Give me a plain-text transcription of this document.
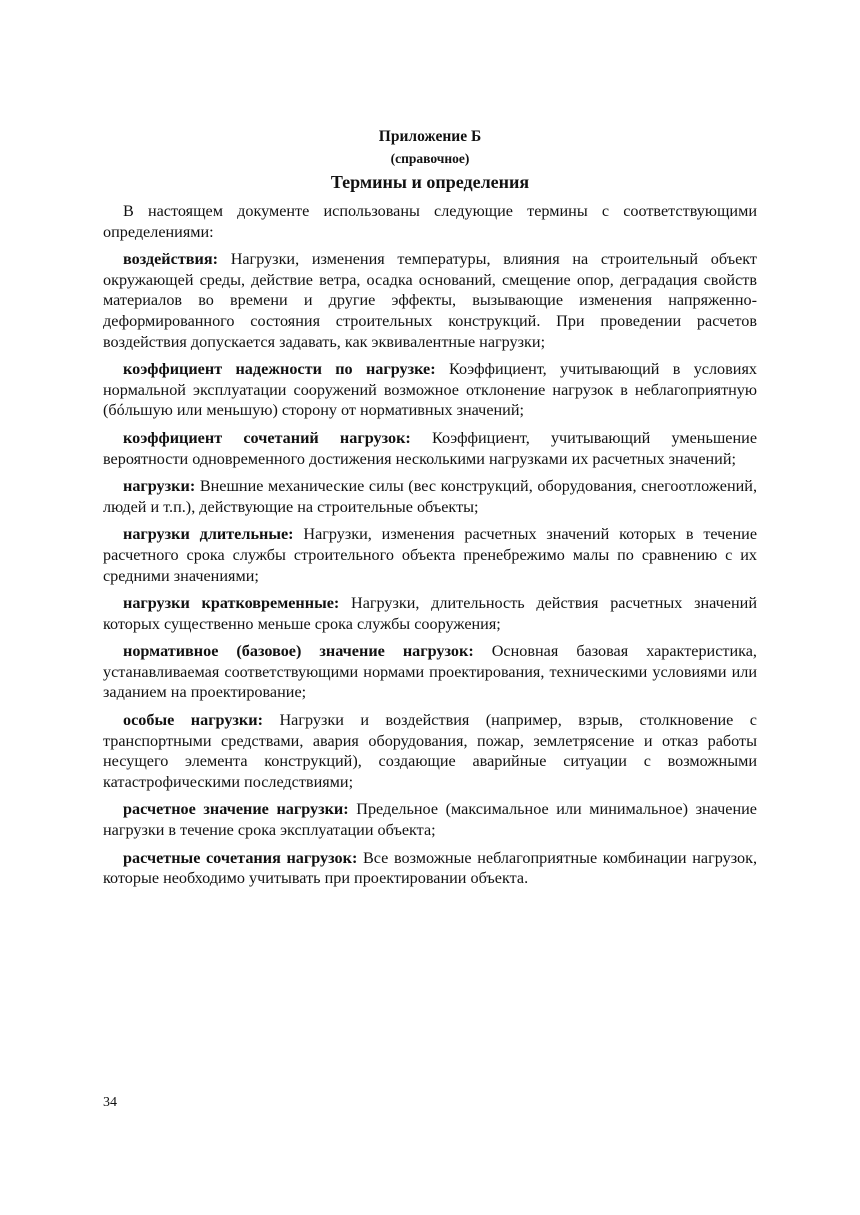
Приложение Б
(справочное)
Термины и определения

В настоящем документе использованы следующие термины с соответствующими определениями:

воздействия: Нагрузки, изменения температуры, влияния на строительный объект окружающей среды, действие ветра, осадка оснований, смещение опор, деградация свойств материалов во времени и другие эффекты, вызывающие изменения напряженно-деформированного состояния строительных конструкций. При проведении расчетов воздействия допускается задавать, как эквивалентные нагрузки;

коэффициент надежности по нагрузке: Коэффициент, учитывающий в условиях нормальной эксплуатации сооружений возможное отклонение нагрузок в неблагоприятную (бóльшую или меньшую) сторону от нормативных значений;

коэффициент сочетаний нагрузок: Коэффициент, учитывающий уменьшение вероятности одновременного достижения несколькими нагрузками их расчетных значений;

нагрузки: Внешние механические силы (вес конструкций, оборудования, снегоотложений, людей и т.п.), действующие на строительные объекты;

нагрузки длительные: Нагрузки, изменения расчетных значений которых в течение расчетного срока службы строительного объекта пренебрежимо малы по сравнению с их средними значениями;

нагрузки кратковременные: Нагрузки, длительность действия расчетных значений которых существенно меньше срока службы сооружения;

нормативное (базовое) значение нагрузок: Основная базовая характеристика, устанавливаемая соответствующими нормами проектирования, техническими условиями или заданием на проектирование;

особые нагрузки: Нагрузки и воздействия (например, взрыв, столкновение с транспортными средствами, авария оборудования, пожар, землетрясение и отказ работы несущего элемента конструкций), создающие аварийные ситуации с возможными катастрофическими последствиями;

расчетное значение нагрузки: Предельное (максимальное или минимальное) значение нагрузки в течение срока эксплуатации объекта;

расчетные сочетания нагрузок: Все возможные неблагоприятные комбинации нагрузок, которые необходимо учитывать при проектировании объекта.

34
